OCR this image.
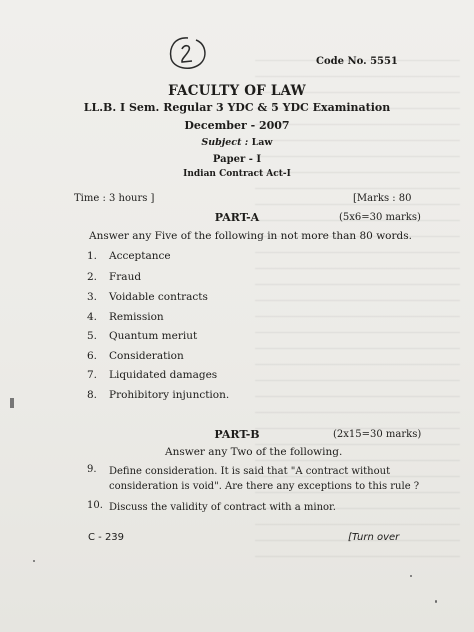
Code No. 5551
FACULTY OF LAW
LL.B. I Sem. Regular 3 YDC & 5 YDC Examination
December - 2007
Subject : Law
Paper - I
Indian Contract Act-I
Time : 3 hours ]	[Marks : 80
PART-A	(5x6=30 marks)
Answer any Five of the following in not more than 80 words.
1. Acceptance
2. Fraud
3. Voidable contracts
4. Remission
5. Quantum meriut
6. Consideration
7. Liquidated damages
8. Prohibitory injunction.
PART-B	(2x15=30 marks)
Answer any Two of the following.
9. Define consideration. It is said that "A contract without consideration is void". Are there any exceptions to this rule ?
10. Discuss the validity of contract with a minor.
C - 239	[Turn over
